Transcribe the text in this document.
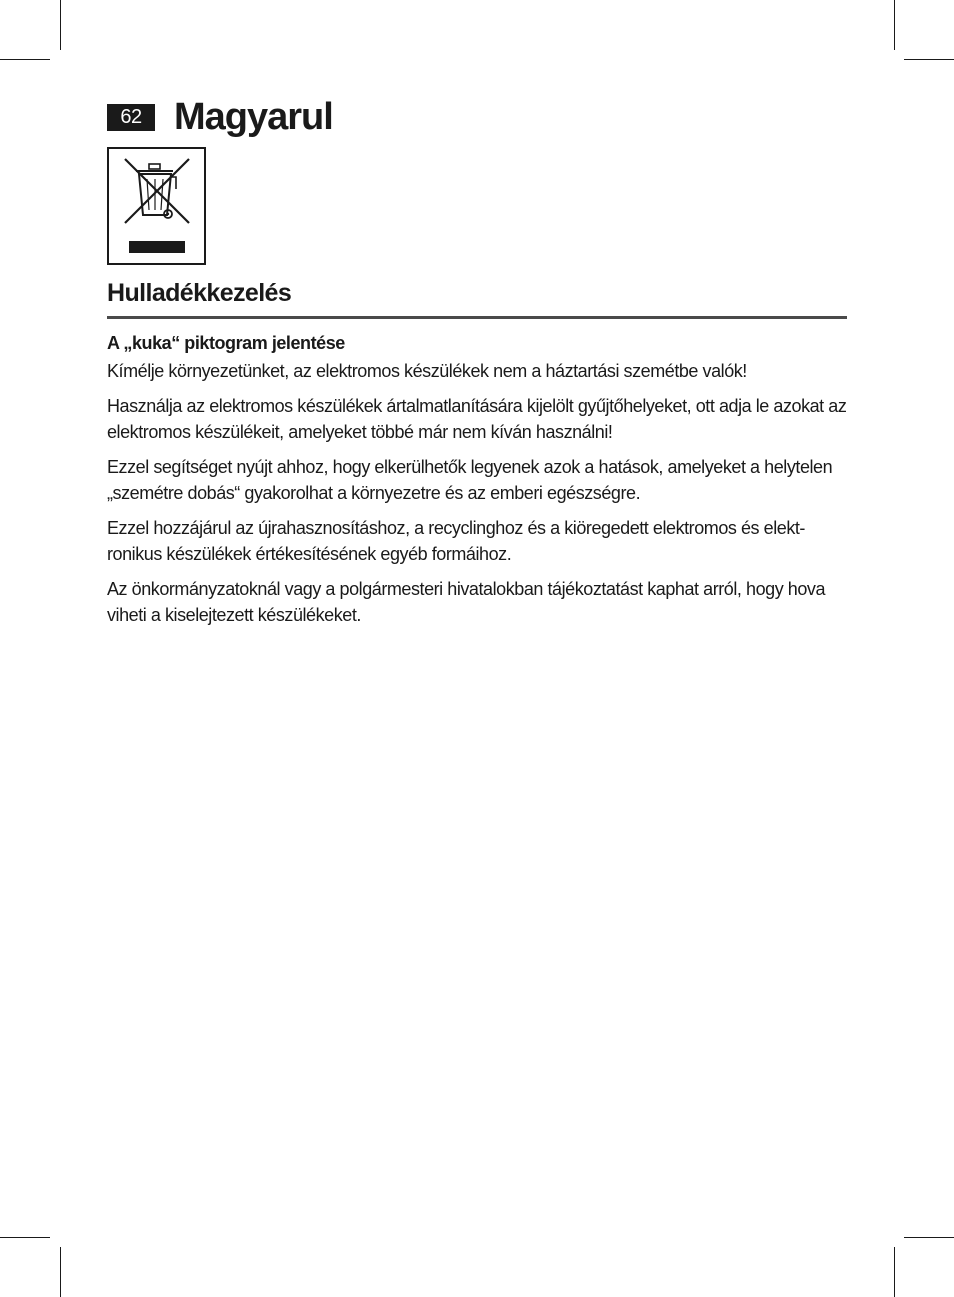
62 Magyarul
Hulladékkezelés

A „kuka“ piktogram jelentése

Kímélje környezetünket, az elektromos készülékek nem a háztartási szemétbe valók!

Használja az elektromos készülékek ártalmatlanítására kijelölt gyűjtőhelyeket, ott adja le azokat az elektromos készülékeit, amelyeket többé már nem kíván használni!

Ezzel segítséget nyújt ahhoz, hogy elkerülhetők legyenek azok a hatások, amelyeket a helytelen „szemétre dobás“ gyakorolhat a környezetre és az emberi egészségre.

Ezzel hozzájárul az újrahasznosításhoz, a recyclinghoz és a kiöregedett elektromos és elekt-ronikus készülékek értékesítésének egyéb formáihoz.

Az önkormányzatoknál vagy a polgármesteri hivatalokban tájékoztatást kaphat arról, hogy hova viheti a kiselejtezett készülékeket.
